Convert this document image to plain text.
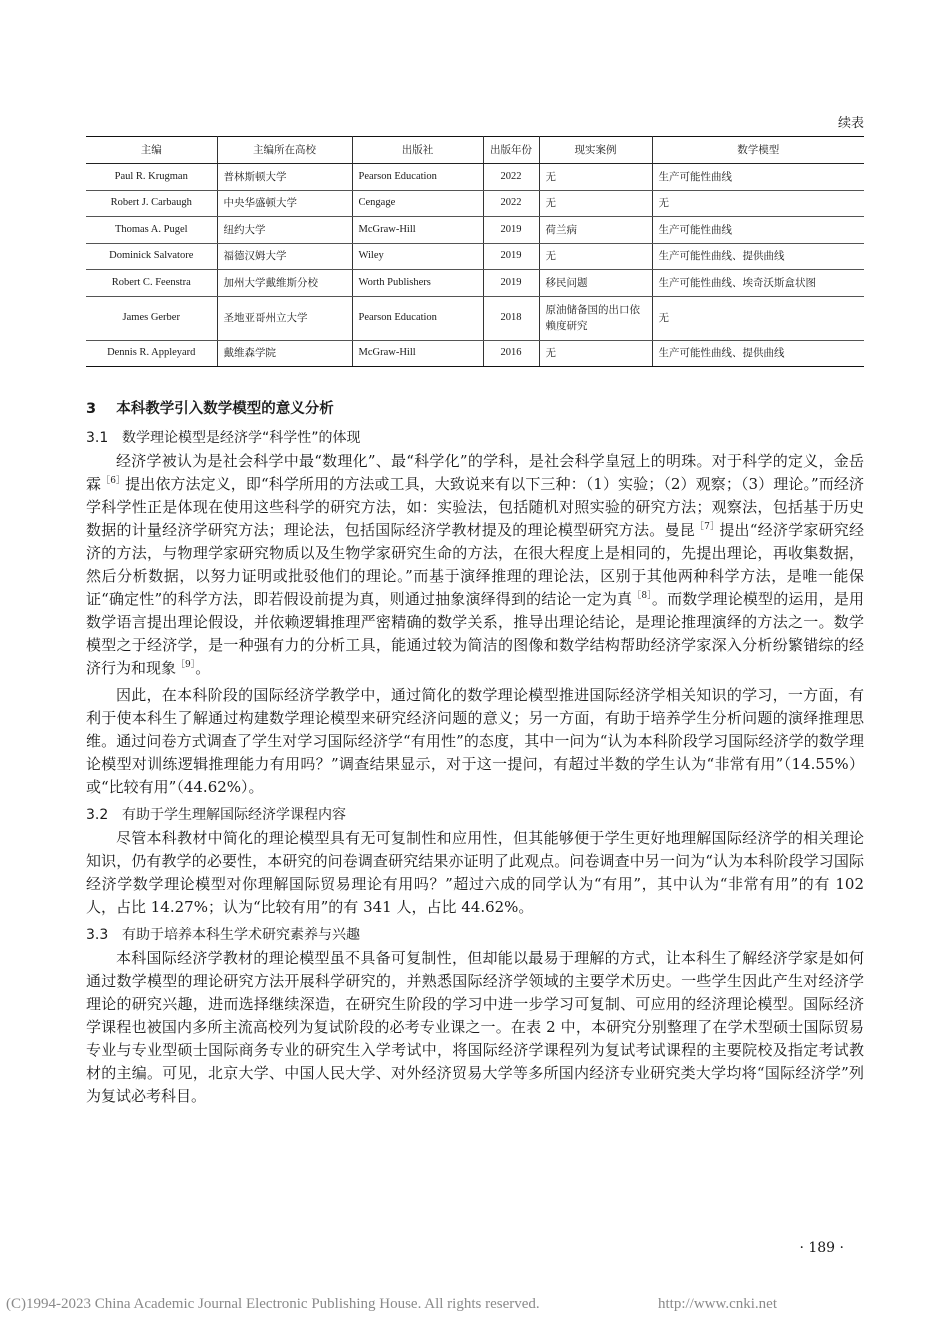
续表
主编	主编所在高校	出版社	出版年份	现实案例	数学模型
Paul R. Krugman	普林斯顿大学	Pearson Education	2022	无	生产可能性曲线
Robert J. Carbaugh	中央华盛顿大学	Cengage	2022	无	无
Thomas A. Pugel	纽约大学	McGraw-Hill	2019	荷兰病	生产可能性曲线
Dominick Salvatore	福德汉姆大学	Wiley	2019	无	生产可能性曲线、提供曲线
Robert C. Feenstra	加州大学戴维斯分校	Worth Publishers	2019	移民问题	生产可能性曲线、埃奇沃斯盒状图
James Gerber	圣地亚哥州立大学	Pearson Education	2018	原油储备国的出口依赖度研究	无
Dennis R. Appleyard	戴维森学院	McGraw-Hill	2016	无	生产可能性曲线、提供曲线
3 本科教学引入数学模型的意义分析
3.1 数学理论模型是经济学“科学性”的体现

经济学被认为是社会科学中最“数理化”、最“科学化”的学科，是社会科学皇冠上的明珠。对于科学的定义，金岳霖$^{[6]}$提出依方法定义，即“科学所用的方法或工具，大致说来有以下三种：（1）实验；（2）观察；（3）理论。”而经济学科学性正是体现在使用这些科学的研究方法，如：实验法，包括随机对照实验的研究方法；观察法，包括基于历史数据的计量经济学研究方法；理论法，包括国际经济学教材提及的理论模型研究方法。曼昆$^{[7]}$提出“经济学家研究经济的方法，与物理学家研究物质以及生物学家研究生命的方法，在很大程度上是相同的，先提出理论，再收集数据，然后分析数据，以努力证明或批驳他们的理论。”而基于演绎推理的理论法，区别于其他两种科学方法，是唯一能保证“确定性”的科学方法，即若假设前提为真，则通过抽象演绎得到的结论一定为真$^{[8]}$。而数学理论模型的运用，是用数学语言提出理论假设，并依赖逻辑推理严密精确的数学关系，推导出理论结论，是理论推理演绎的方法之一。数学模型之于经济学，是一种强有力的分析工具，能通过较为简洁的图像和数学结构帮助经济学家深入分析纷繁错综的经济行为和现象$^{[9]}$。

因此，在本科阶段的国际经济学教学中，通过简化的数学理论模型推进国际经济学相关知识的学习，一方面，有利于使本科生了解通过构建数学理论模型来研究经济问题的意义；另一方面，有助于培养学生分析问题的演绎推理思维。通过问卷方式调查了学生对学习国际经济学“有用性”的态度，其中一问为“认为本科阶段学习国际经济学的数学理论模型对训练逻辑推理能力有用吗？”调查结果显示，对于这一提问，有超过半数的学生认为“非常有用”（14.55%）或“比较有用”（44.62%）。

3.2 有助于学生理解国际经济学课程内容

尽管本科教材中简化的理论模型具有无可复制性和应用性，但其能够便于学生更好地理解国际经济学的相关理论知识，仍有教学的必要性，本研究的问卷调查研究结果亦证明了此观点。问卷调查中另一问为“认为本科阶段学习国际经济学数学理论模型对你理解国际贸易理论有用吗？”超过六成的同学认为“有用”，其中认为“非常有用”的有 102 人，占比 14.27%；认为“比较有用”的有 341 人，占比 44.62%。

3.3 有助于培养本科生学术研究素养与兴趣

本科国际经济学教材的理论模型虽不具备可复制性，但却能以最易于理解的方式，让本科生了解经济学家是如何通过数学模型的理论研究方法开展科学研究的，并熟悉国际经济学领域的主要学术历史。一些学生因此产生对经济学理论的研究兴趣，进而选择继续深造，在研究生阶段的学习中进一步学习可复制、可应用的经济理论模型。国际经济学课程也被国内多所主流高校列为复试阶段的必考专业课之一。在表 2 中，本研究分别整理了在学术型硕士国际贸易专业与专业型硕士国际商务专业的研究生入学考试中，将国际经济学课程列为复试考试课程的主要院校及指定考试教材的主编。可见，北京大学、中国人民大学、对外经济贸易大学等多所国内经济专业研究类大学均将“国际经济学”列为复试必考科目。

· 189 ·
(C)1994-2023 China Academic Journal Electronic Publishing House. All rights reserved.	http://www.cnki.net
